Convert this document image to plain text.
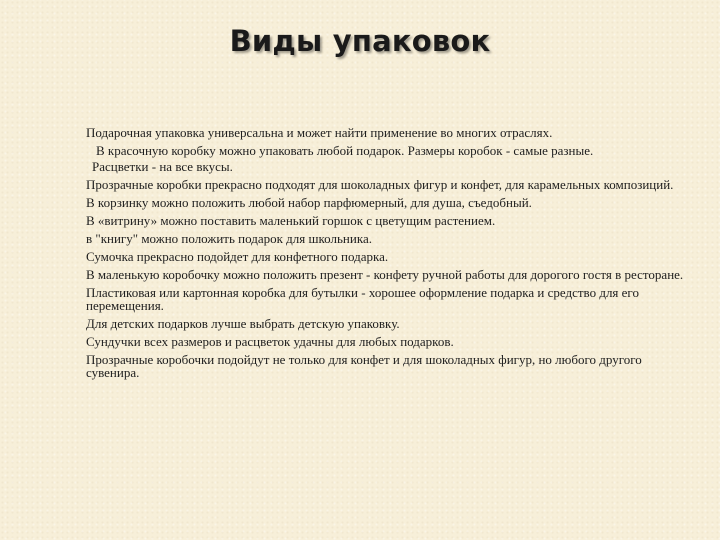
Виды упаковок

Подарочная упаковка универсальна и может найти применение во многих отраслях.

В красочную коробку можно упаковать любой подарок. Размеры коробок - самые разные.

Расцветки - на все вкусы.

Прозрачные коробки прекрасно подходят для шоколадных фигур и конфет, для карамельных композиций.

В корзинку можно положить любой набор парфюмерный, для душа, съедобный.

В «витрину» можно поставить маленький горшок с цветущим растением.

в "книгу" можно положить подарок для школьника.

Сумочка прекрасно подойдет для конфетного подарка.

В маленькую коробочку можно положить презент - конфету ручной работы для дорогого гостя в ресторане.

Пластиковая или картонная коробка для бутылки - хорошее оформление подарка и средство для его перемещения.

Для детских подарков лучше выбрать детскую упаковку.

Сундучки всех размеров и расцветок удачны для любых подарков.

Прозрачные коробочки подойдут не только для конфет и для шоколадных фигур, но любого другого сувенира.
